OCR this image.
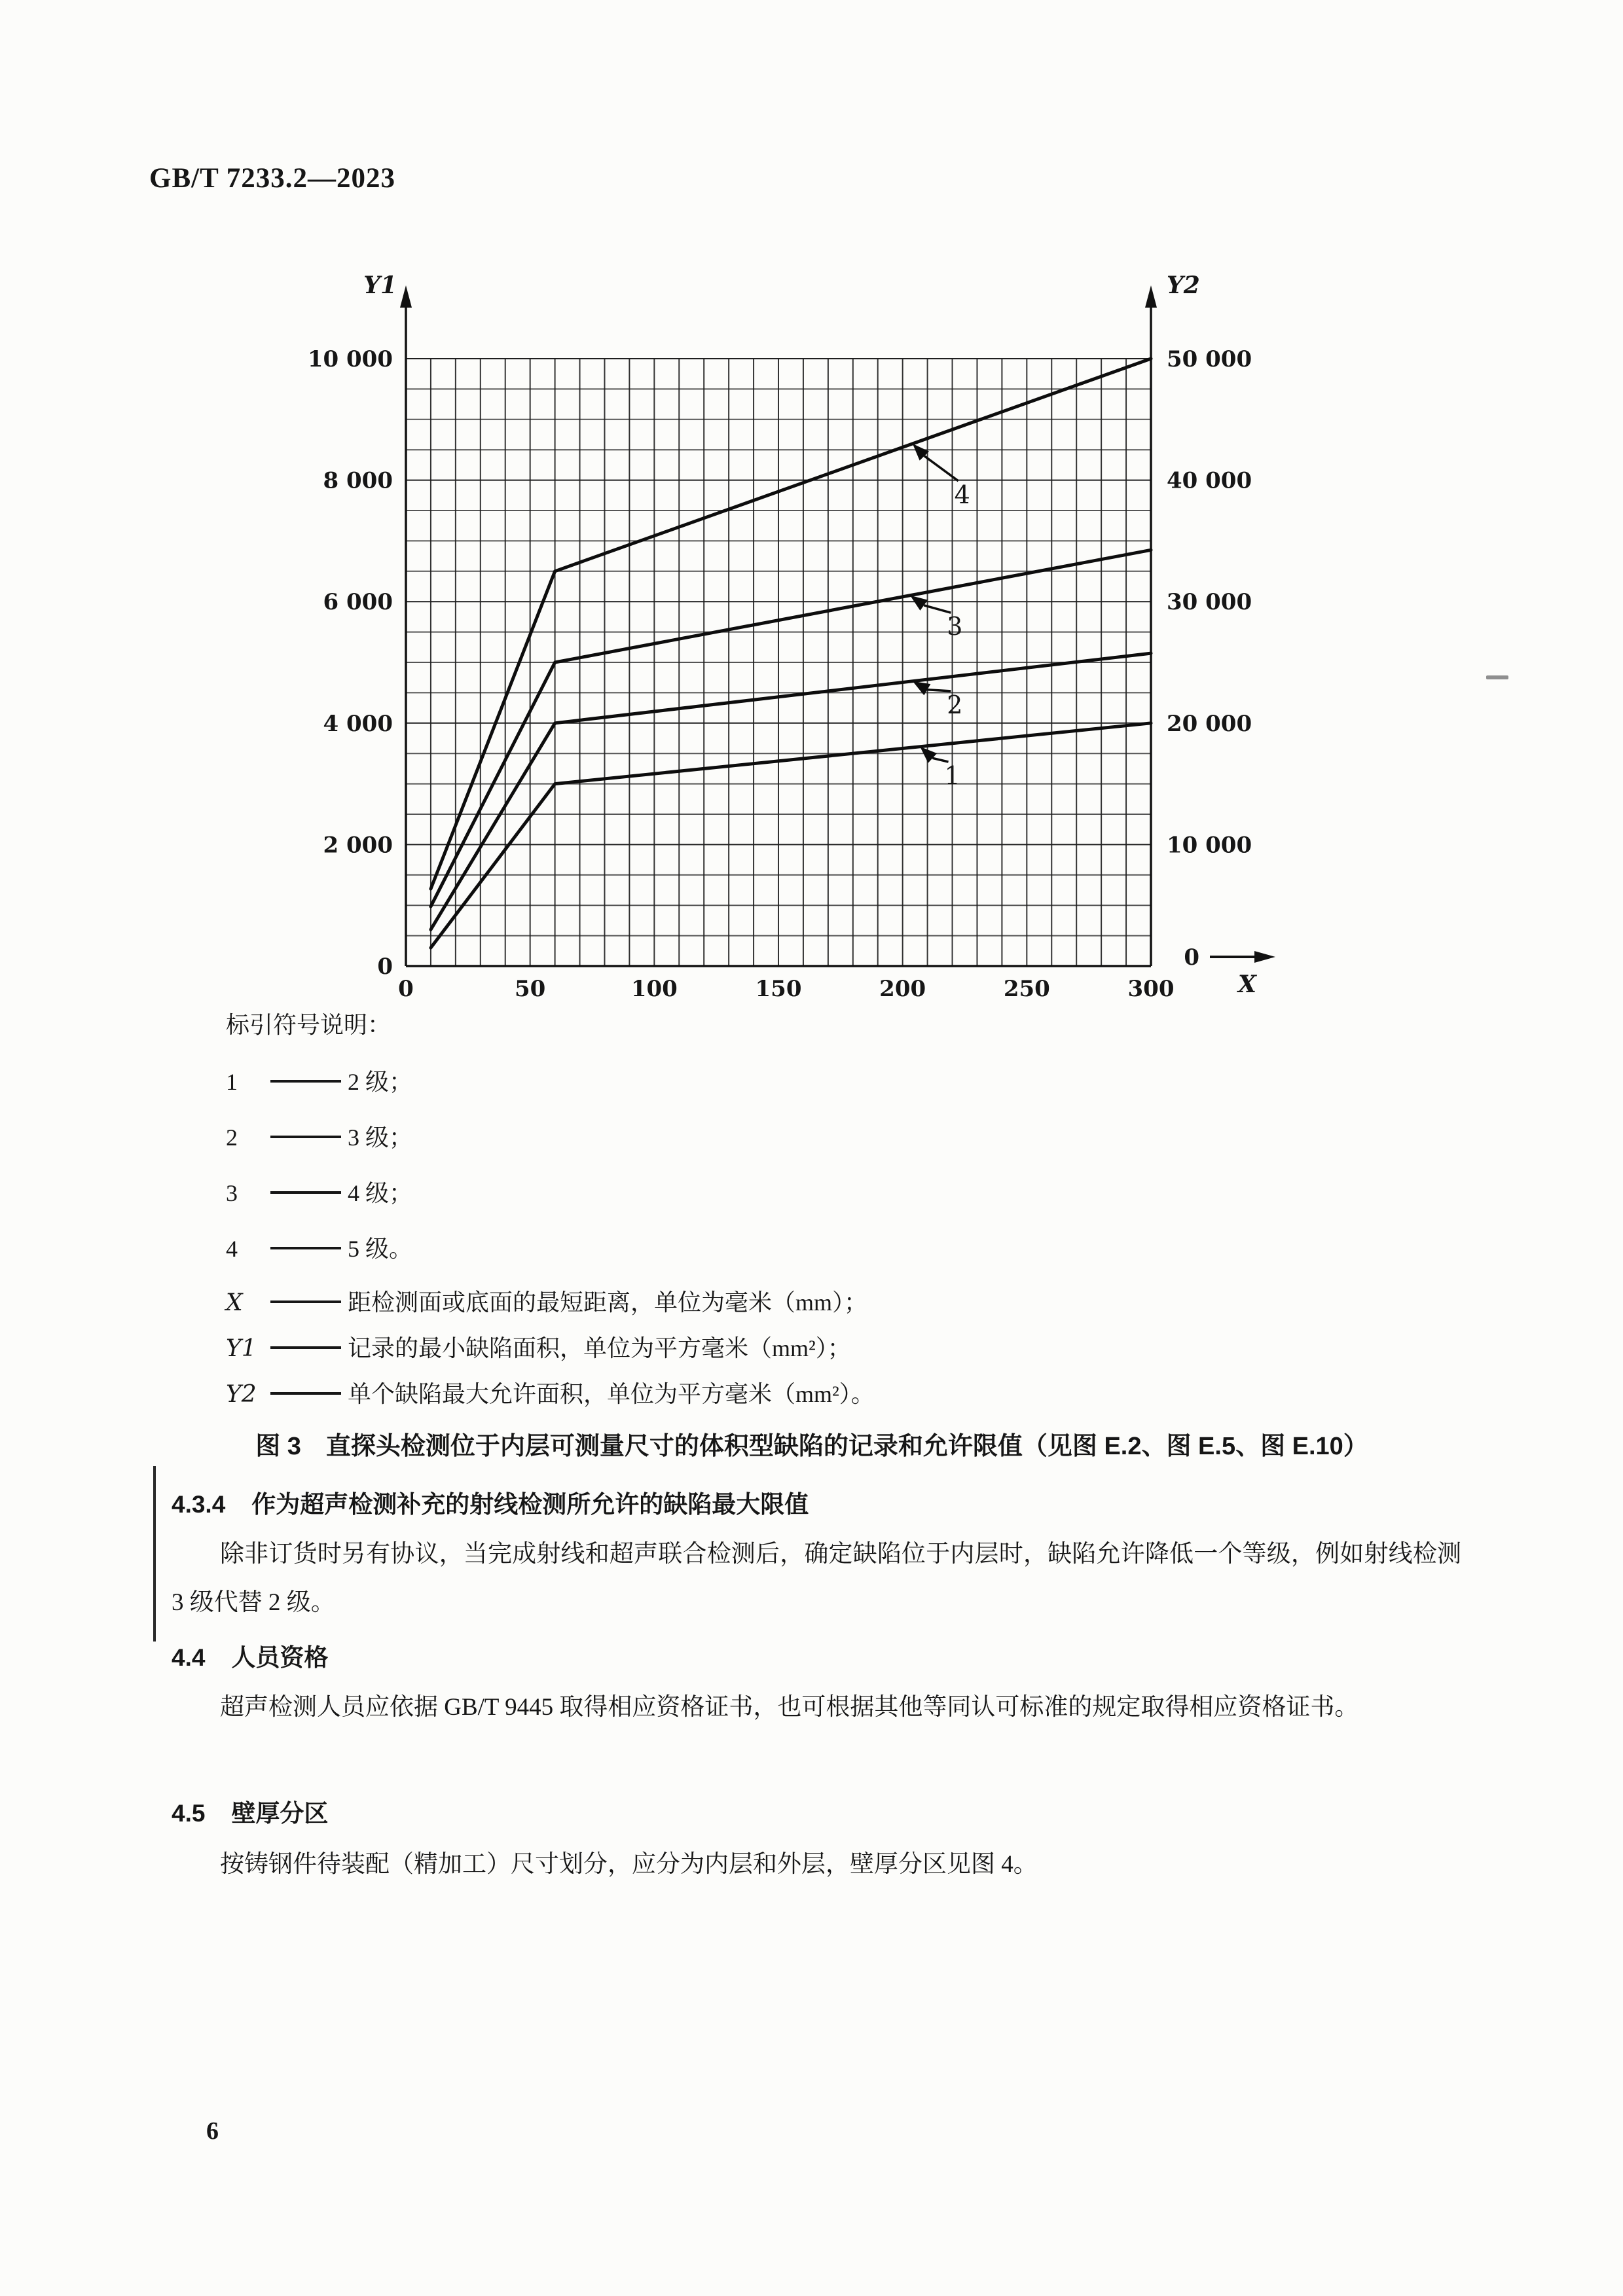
GB/T 7233.2—2023
X
0
Y1	Y2
0
2 000
4 000
6 000
8 000
10 000
10 000
20 000
30 000
40 000
50 000
0	50	100	150	200	250	300
1
2
3
4
标引符号说明：
1	2 级；
2	3 级；
3	4 级；
4	5 级。
X	距检测面或底面的最短距离，单位为毫米（mm）；
Y1	记录的最小缺陷面积，单位为平方毫米（mm²）；
Y2	单个缺陷最大允许面积，单位为平方毫米（mm²）。
图 3　直探头检测位于内层可测量尺寸的体积型缺陷的记录和允许限值（见图 E.2、图 E.5、图 E.10）
4.3.4 作为超声检测补充的射线检测所允许的缺陷最大限值
除非订货时另有协议，当完成射线和超声联合检测后，确定缺陷位于内层时，缺陷允许降低一个等级，例如射线检测 3 级代替 2 级。
4.4 人员资格
超声检测人员应依据 GB/T 9445 取得相应资格证书，也可根据其他等同认可标准的规定取得相应资格证书。
4.5 壁厚分区
按铸钢件待装配（精加工）尺寸划分，应分为内层和外层，壁厚分区见图 4。
6
